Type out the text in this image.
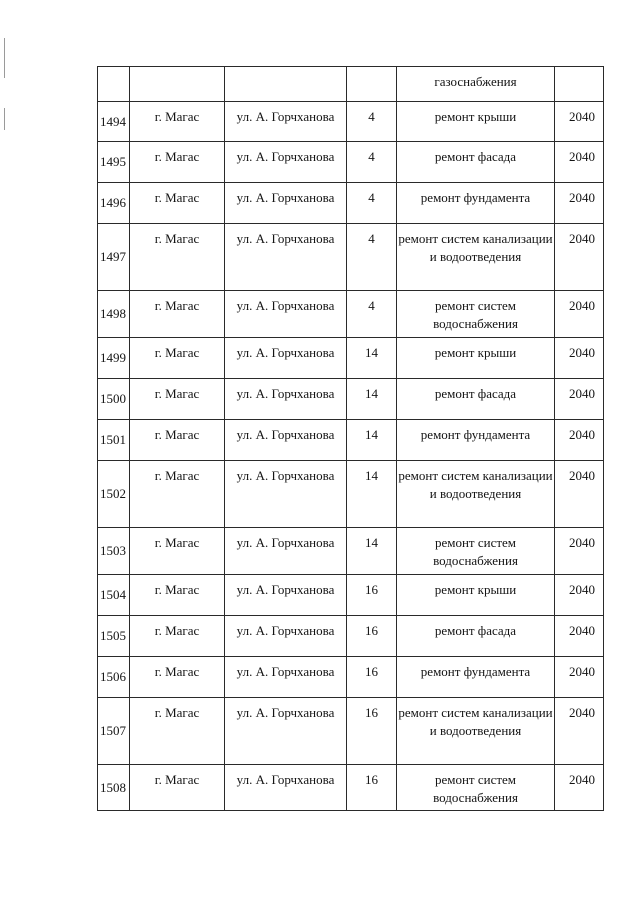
				газоснабжения	
1494	г. Магас	ул. А. Горчханова	4	ремонт крыши	2040
1495	г. Магас	ул. А. Горчханова	4	ремонт фасада	2040
1496	г. Магас	ул. А. Горчханова	4	ремонт фундамента	2040
1497	г. Магас	ул. А. Горчханова	4	ремонт систем канализации и водоотведения	2040
1498	г. Магас	ул. А. Горчханова	4	ремонт систем водоснабжения	2040
1499	г. Магас	ул. А. Горчханова	14	ремонт крыши	2040
1500	г. Магас	ул. А. Горчханова	14	ремонт фасада	2040
1501	г. Магас	ул. А. Горчханова	14	ремонт фундамента	2040
1502	г. Магас	ул. А. Горчханова	14	ремонт систем канализации и водоотведения	2040
1503	г. Магас	ул. А. Горчханова	14	ремонт систем водоснабжения	2040
1504	г. Магас	ул. А. Горчханова	16	ремонт крыши	2040
1505	г. Магас	ул. А. Горчханова	16	ремонт фасада	2040
1506	г. Магас	ул. А. Горчханова	16	ремонт фундамента	2040
1507	г. Магас	ул. А. Горчханова	16	ремонт систем канализации и водоотведения	2040
1508	г. Магас	ул. А. Горчханова	16	ремонт систем водоснабжения	2040
